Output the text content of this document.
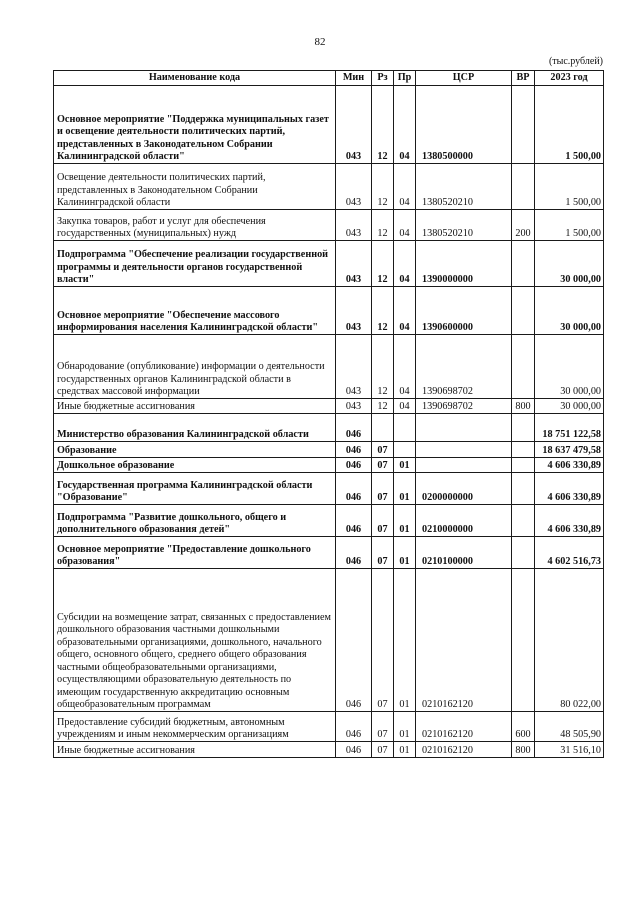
82
(тыс.рублей)
Наименование кода	Мин	Рз	Пр	ЦСР	ВР	2023 год
Основное мероприятие "Поддержка муниципальных газет и освещение деятельности политических партий, представленных в Законодательном Собрании Калининградской области"	043	12	04	1380500000		1 500,00
Освещение деятельности политических партий, представленных в Законодательном Собрании Калининградской области	043	12	04	1380520210		1 500,00
Закупка товаров, работ и услуг для обеспечения государственных (муниципальных) нужд	043	12	04	1380520210	200	1 500,00
Подпрограмма "Обеспечение реализации государственной программы и деятельности органов государственной власти"	043	12	04	1390000000		30 000,00
Основное мероприятие "Обеспечение массового информирования населения Калининградской области"	043	12	04	1390600000		30 000,00
Обнародование (опубликование) информации о деятельности государственных органов Калининградской области в средствах массовой информации	043	12	04	1390698702		30 000,00
Иные бюджетные ассигнования	043	12	04	1390698702	800	30 000,00
Министерство образования Калининградской области	046					18 751 122,58
Образование	046	07				18 637 479,58
Дошкольное образование	046	07	01			4 606 330,89
Государственная программа Калининградской области "Образование"	046	07	01	0200000000		4 606 330,89
Подпрограмма "Развитие дошкольного, общего и дополнительного образования детей"	046	07	01	0210000000		4 606 330,89
Основное мероприятие "Предоставление дошкольного образования"	046	07	01	0210100000		4 602 516,73
Субсидии на возмещение затрат, связанных с предоставлением дошкольного образования частными дошкольными образовательными организациями, дошкольного, начального общего, основного общего, среднего общего образования частными общеобразовательными организациями, осуществляющими образовательную деятельность по имеющим государственную аккредитацию основным общеобразовательным программам	046	07	01	0210162120		80 022,00
Предоставление субсидий бюджетным, автономным учреждениям и иным некоммерческим организациям	046	07	01	0210162120	600	48 505,90
Иные бюджетные ассигнования	046	07	01	0210162120	800	31 516,10
